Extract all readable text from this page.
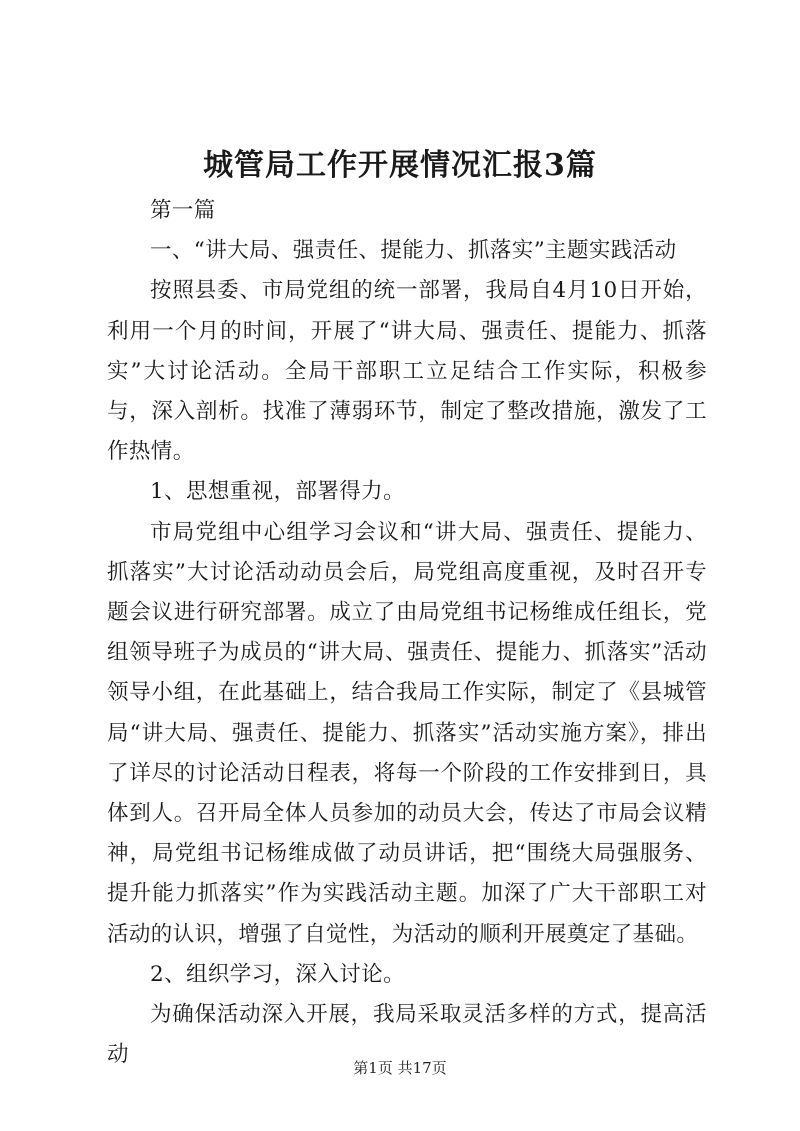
城管局工作开展情况汇报3篇

第一篇

一、“讲大局、强责任、提能力、抓落实”主题实践活动

按照县委、市局党组的统一部署，我局自4月10日开始，利用一个月的时间，开展了“讲大局、强责任、提能力、抓落实”大讨论活动。全局干部职工立足结合工作实际，积极参与，深入剖析。找准了薄弱环节，制定了整改措施，激发了工作热情。

1、思想重视，部署得力。

市局党组中心组学习会议和“讲大局、强责任、提能力、抓落实”大讨论活动动员会后，局党组高度重视，及时召开专题会议进行研究部署。成立了由局党组书记杨维成任组长，党组领导班子为成员的“讲大局、强责任、提能力、抓落实”活动领导小组，在此基础上，结合我局工作实际，制定了《县城管局“讲大局、强责任、提能力、抓落实”活动实施方案》，排出了详尽的讨论活动日程表，将每一个阶段的工作安排到日，具体到人。召开局全体人员参加的动员大会，传达了市局会议精神，局党组书记杨维成做了动员讲话，把“围绕大局强服务、提升能力抓落实”作为实践活动主题。加深了广大干部职工对活动的认识，增强了自觉性，为活动的顺利开展奠定了基础。

2、组织学习，深入讨论。

为确保活动深入开展，我局采取灵活多样的方式，提高活动

第1页 共17页
